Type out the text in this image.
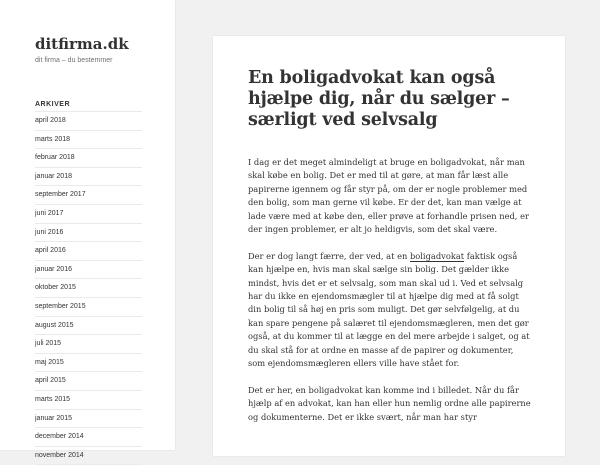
ditfirma.dk

dit firma – du bestemmer

ARKIVER
april 2018
marts 2018
februar 2018
januar 2018
september 2017
juni 2017
juni 2016
april 2016
januar 2016
oktober 2015
september 2015
august 2015
juli 2015
maj 2015
april 2015
marts 2015
januar 2015
december 2014
november 2014
En boligadvokat kan også hjælpe dig, når du sælger – særligt ved selvsalg

I dag er det meget almindeligt at bruge en boligadvokat, når man skal købe en bolig. Det er med til at gøre, at man får læst alle papirerne igennem og får styr på, om der er nogle problemer med den bolig, som man gerne vil købe. Er der det, kan man vælge at lade være med at købe den, eller prøve at forhandle prisen ned, er der ingen problemer, er alt jo heldigvis, som det skal være.

Der er dog langt færre, der ved, at en boligadvokat faktisk også kan hjælpe en, hvis man skal sælge sin bolig. Det gælder ikke mindst, hvis det er et selvsalg, som man skal ud i. Ved et selvsalg har du ikke en ejendomsmægler til at hjælpe dig med at få solgt din bolig til så høj en pris som muligt. Det gør selvfølgelig, at du kan spare pengene på salæret til ejendomsmægleren, men det gør også, at du kommer til at lægge en del mere arbejde i salget, og at du skal stå for at ordne en masse af de papirer og dokumenter, som ejendomsmægleren ellers ville have stået for.

Det er her, en boligadvokat kan komme ind i billedet. Når du får hjælp af en advokat, kan han eller hun nemlig ordne alle papirerne og dokumenterne. Det er ikke svært, når man har styr
